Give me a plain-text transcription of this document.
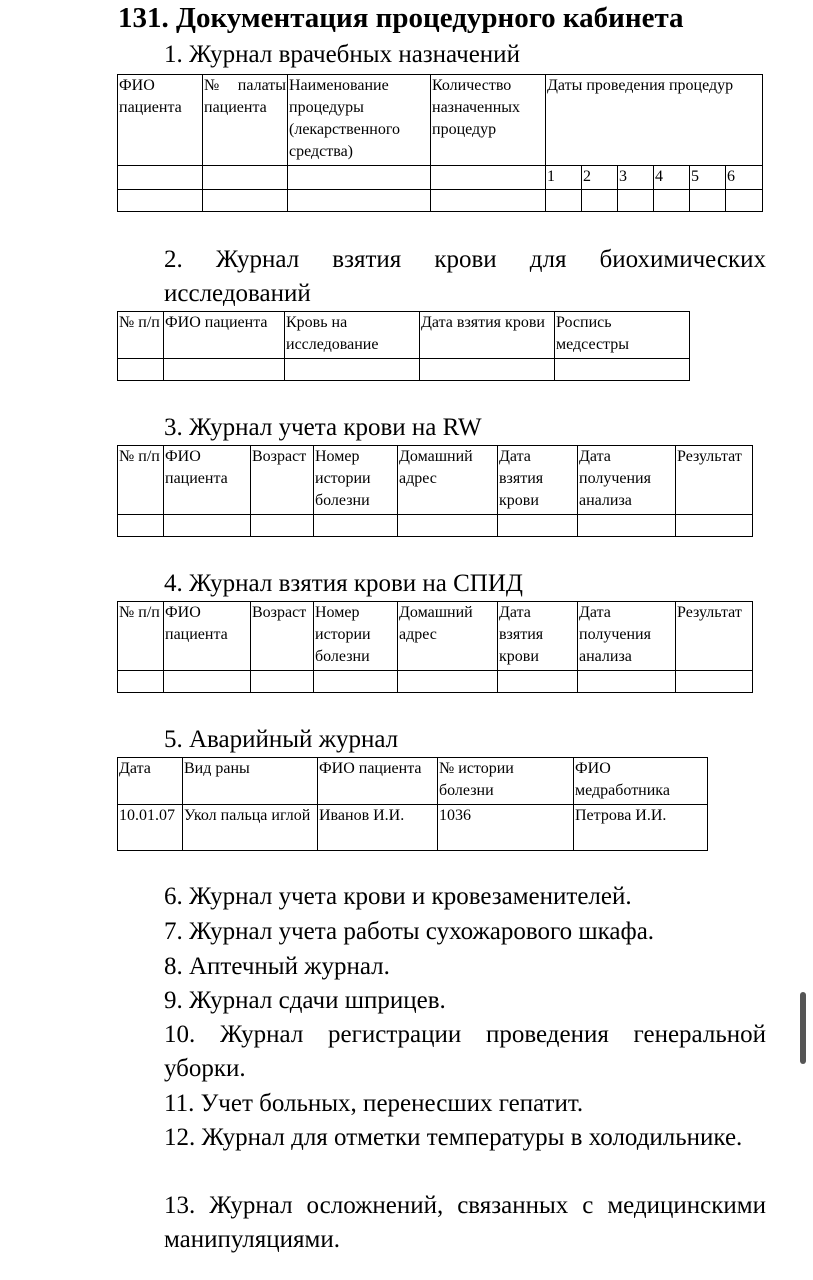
131. Документация процедурного кабинета
1. Журнал врачебных назначений
ФИО пациента	№ палаты пациента	Наименование процедуры (лекарственного средства)	Количество назначенных процедур	Даты проведения процедур					
				1	2	3	4	5	6

2. Журнал взятия крови для биохимических исследований
№ п/п	ФИО пациента	Кровь на исследование	Дата взятия крови	Роспись медсестры

3. Журнал учета крови на RW
№ п/п	ФИО пациента	Возраст	Номер истории болезни	Домашний адрес	Дата взятия крови	Дата получения анализа	Результат

4. Журнал взятия крови на СПИД
№ п/п	ФИО пациента	Возраст	Номер истории болезни	Домашний адрес	Дата взятия крови	Дата получения анализа	Результат

5. Аварийный журнал
Дата	Вид раны	ФИО пациента	№ истории болезни	ФИО медработника
10.01.07	Укол пальца иглой	Иванов И.И.	1036	Петрова И.И.
6. Журнал учета крови и кровезаменителей.
7. Журнал учета работы сухожарового шкафа.
8. Аптечный журнал.
9. Журнал сдачи шприцев.
10. Журнал регистрации проведения генеральной уборки.
11. Учет больных, перенесших гепатит.
12. Журнал для отметки температуры в холодильнике.
13. Журнал осложнений, связанных с медицинскими манипуляциями.
